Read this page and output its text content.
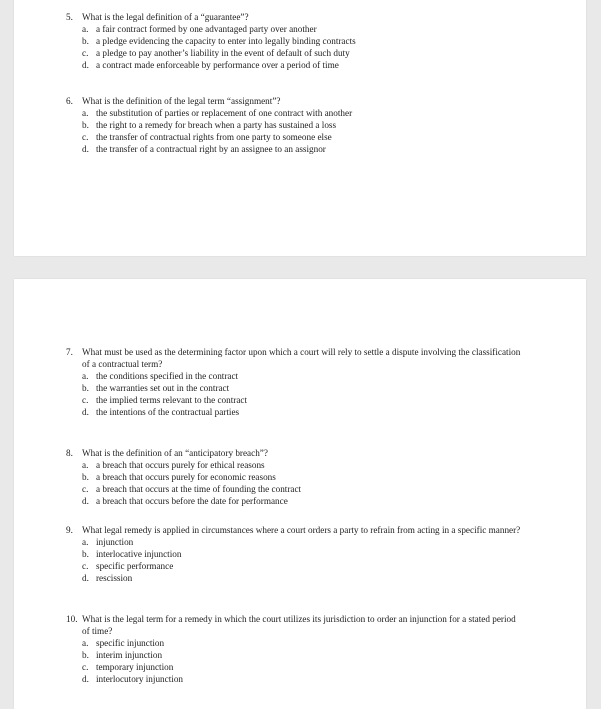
5. What is the legal definition of a “guarantee”?
a. a fair contract formed by one advantaged party over another
b. a pledge evidencing the capacity to enter into legally binding contracts
c. a pledge to pay another’s liability in the event of default of such duty
d. a contract made enforceable by performance over a period of time
6. What is the definition of the legal term “assignment”?
a. the substitution of parties or replacement of one contract with another
b. the right to a remedy for breach when a party has sustained a loss
c. the transfer of contractual rights from one party to someone else
d. the transfer of a contractual right by an assignee to an assignor
7. What must be used as the determining factor upon which a court will rely to settle a dispute involving the classification of a contractual term?
a. the conditions specified in the contract
b. the warranties set out in the contract
c. the implied terms relevant to the contract
d. the intentions of the contractual parties
8. What is the definition of an “anticipatory breach”?
a. a breach that occurs purely for ethical reasons
b. a breach that occurs purely for economic reasons
c. a breach that occurs at the time of founding the contract
d. a breach that occurs before the date for performance
9. What legal remedy is applied in circumstances where a court orders a party to refrain from acting in a specific manner?
a. injunction
b. interlocative injunction
c. specific performance
d. rescission
10. What is the legal term for a remedy in which the court utilizes its jurisdiction to order an injunction for a stated period of time?
a. specific injunction
b. interim injunction
c. temporary injunction
d. interlocutory injunction
